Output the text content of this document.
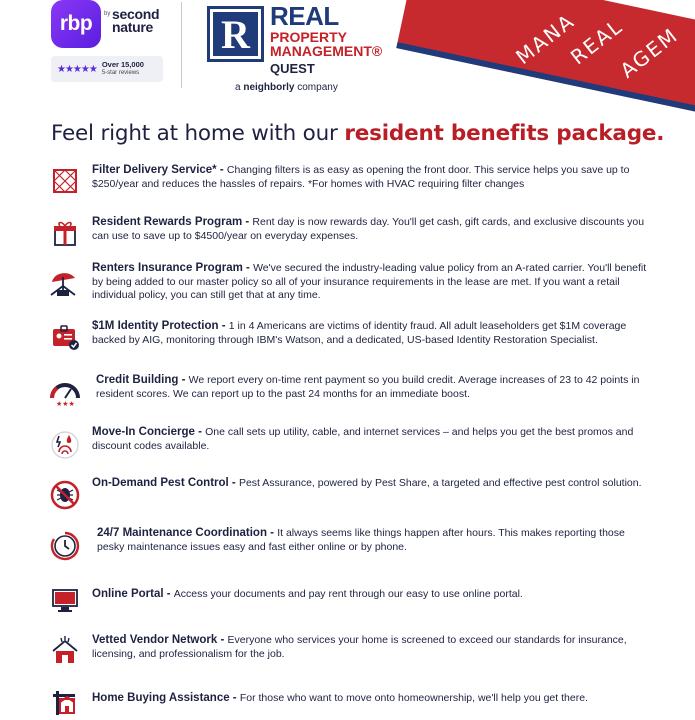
rbp	by second
nature
★★★★★ Over 15,000
5-star reviews
R REAL
PROPERTY MANAGEMENT®
QUEST
a neighborly company
MANA
REAL
AGEM
Feel right at home with our resident benefits package.
Filter Delivery Service* - Changing filters is as easy as opening the front door. This service helps you save up to $250/year and reduces the hassles of repairs. *For homes with HVAC requiring filter changes
Resident Rewards Program - Rent day is now rewards day. You'll get cash, gift cards, and exclusive discounts you can use to save up to $4500/year on everyday expenses.
Renters Insurance Program - We've secured the industry-leading value policy from an A-rated carrier. You'll benefit by being added to our master policy so all of your insurance requirements in the lease are met. If you want a retail individual policy, you can still get that at any time.
$1M Identity Protection - 1 in 4 Americans are victims of identity fraud. All adult leaseholders get $1M coverage backed by AIG, monitoring through IBM's Watson, and a dedicated, US-based Identity Restoration Specialist.
★★★
Credit Building - We report every on-time rent payment so you build credit. Average increases of 23 to 42 points in resident scores. We can report up to the past 24 months for an immediate boost.
Move-In Concierge - One call sets up utility, cable, and internet services – and helps you get the best promos and discount codes available.
On-Demand Pest Control - Pest Assurance, powered by Pest Share, a targeted and effective pest control solution.
24/7 Maintenance Coordination - It always seems like things happen after hours. This makes reporting those pesky maintenance issues easy and fast either online or by phone.
Online Portal - Access your documents and pay rent through our easy to use online portal.
Vetted Vendor Network - Everyone who services your home is screened to exceed our standards for insurance, licensing, and professionalism for the job.
Home Buying Assistance - For those who want to move onto homeownership, we'll help you get there.
